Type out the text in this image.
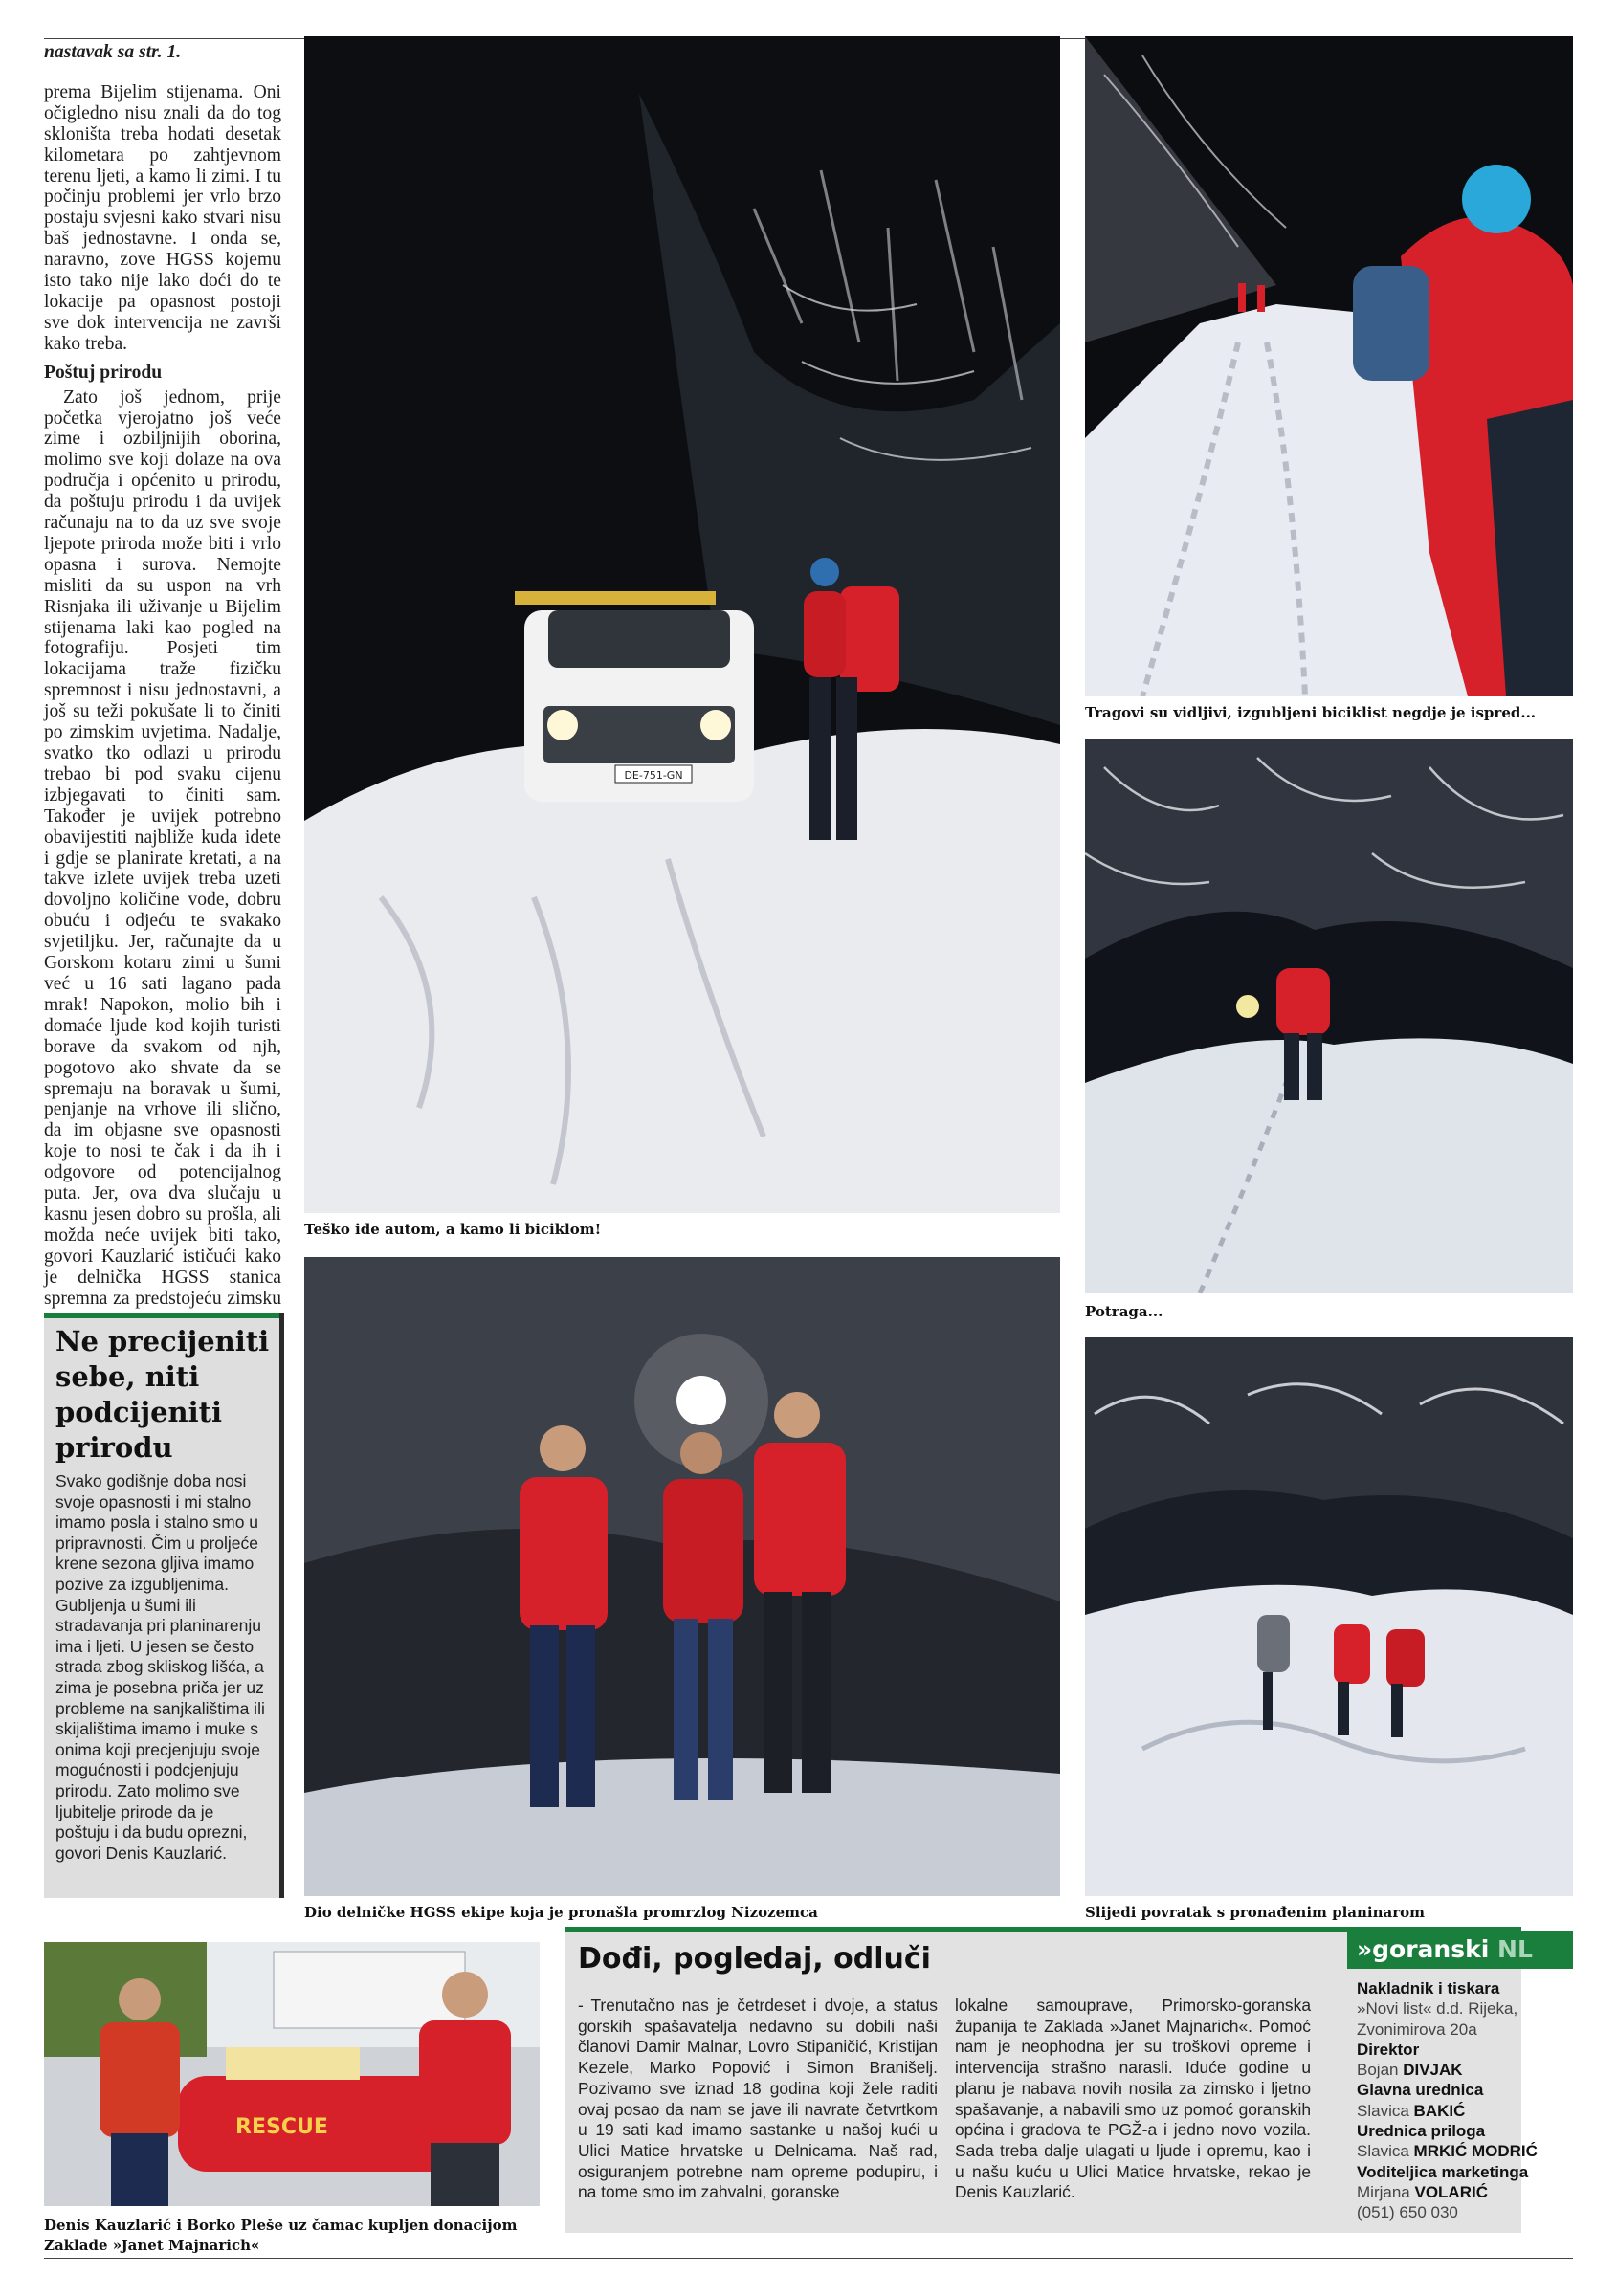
nastavak sa str. 1.

prema Bijelim stijenama. Oni očigledno nisu znali da do tog skloništa treba hodati desetak kilometara po zahtjevnom terenu ljeti, a kamo li zimi. I tu počinju problemi jer vrlo brzo postaju svjesni kako stvari nisu baš jednostavne. I onda se, naravno, zove HGSS kojemu isto tako nije lako doći do te lokacije pa opasnost postoji sve dok intervencija ne završi kako treba.

Poštuj prirodu

Zato još jednom, prije početka vjerojatno još veće zime i ozbiljnijih oborina, molimo sve koji dolaze na ova područja i općenito u prirodu, da poštuju prirodu i da uvijek računaju na to da uz sve svoje ljepote priroda može biti i vrlo opasna i surova. Nemojte misliti da su uspon na vrh Risnjaka ili uživanje u Bijelim stijenama laki kao pogled na fotografiju. Posjeti tim lokacijama traže fizičku spremnost i nisu jednostavni, a još su teži pokušate li to činiti po zimskim uvjetima. Nadalje, svatko tko odlazi u prirodu trebao bi pod svaku cijenu izbjegavati to činiti sam. Također je uvijek potrebno obavijestiti najbliže kuda idete i gdje se planirate kretati, a na takve izlete uvijek treba uzeti dovoljno količine vode, dobru obuću i odjeću te svakako svjetiljku. Jer, računajte da u Gorskom kotaru zimi u šumi već u 16 sati lagano pada mrak! Napokon, molio bih i domaće ljude kod kojih turisti borave da svakom od njh, pogotovo ako shvate da se spremaju na boravak u šumi, penjanje na vrhove ili slično, da im objasne sve opasnosti koje to nosi te čak i da ih i odgovore od potencijalnog puta. Jer, ova dva slučaju u kasnu jesen dobro su prošla, ali možda neće uvijek biti tako, govori Kauzlarić ističući kako je delnička HGSS stanica spremna za predstojeću zimsku

DЕ-751-GN
Teško ide autom, a kamo li biciklom!
Tragovi su vidljivi, izgubljeni biciklist negdje je ispred...
Potraga...
Dio delničke HGSS ekipe koja je pronašla promrzlog Nizozemca	Slijedi povratak s pronađenim planinarom

Ne precijeniti sebe, niti podcijeniti prirodu

Svako godišnje doba nosi svoje opasnosti i mi stalno imamo posla i stalno smo u pripravnosti. Čim u proljeće krene sezona gljiva imamo pozive za izgubljenima. Gubljenja u šumi ili stradavanja pri planinarenju ima i ljeti. U jesen se često strada zbog skliskog lišća, a zima je posebna priča jer uz probleme na sanjkalištima ili skijalištima imamo i muke s onima koji precjenjuju svoje mogućnosti i podcjenjuju prirodu. Zato molimo sve ljubitelje prirode da je poštuju i da budu oprezni, govori Denis Kauzlarić.

RESCUE
Denis Kauzlarić i Borko Pleše uz čamac kupljen donacijom Zaklade »Janet Majnarich«
Dođi, pogledaj, odluči

- Trenutačno nas je četrdeset i dvoje, a status gorskih spašavatelja nedavno su dobili naši članovi Damir Malnar, Lovro Stipaničić, Kristijan Kezele, Marko Popović i Simon Branišelj. Pozivamo sve iznad 18 godina koji žele raditi ovaj posao da nam se jave ili navrate četvrtkom u 19 sati kad imamo sastanke u našoj kući u Ulici Matice hrvatske u Delnicama. Naš rad, osiguranjem potrebne nam opreme podupiru, i na tome smo im zahvalni, goranske

lokalne samouprave, Primorsko-goranska županija te Zaklada »Janet Majnarich«. Pomoć nam je neophodna jer su troškovi opreme i intervencija strašno narasli. Iduće godine u planu je nabava novih nosila za zimsko i ljetno spašavanje, a nabavili smo uz pomoć goranskih općina i gradova te PGŽ-a i jedno novo vozila. Sada treba dalje ulagati u ljude i opremu, kao i u našu kuću u Ulici Matice hrvatske, rekao je Denis Kauzlarić.

»goranski NL
Nakladnik i tiskara
»Novi list« d.d. Rijeka,
Zvonimirova 20a
Direktor
Bojan DIVJAK
Glavna urednica
Slavica BAKIĆ
Urednica priloga
Slavica MRKIĆ MODRIĆ
Voditeljica marketinga
Mirjana VOLARIĆ
(051) 650 030
